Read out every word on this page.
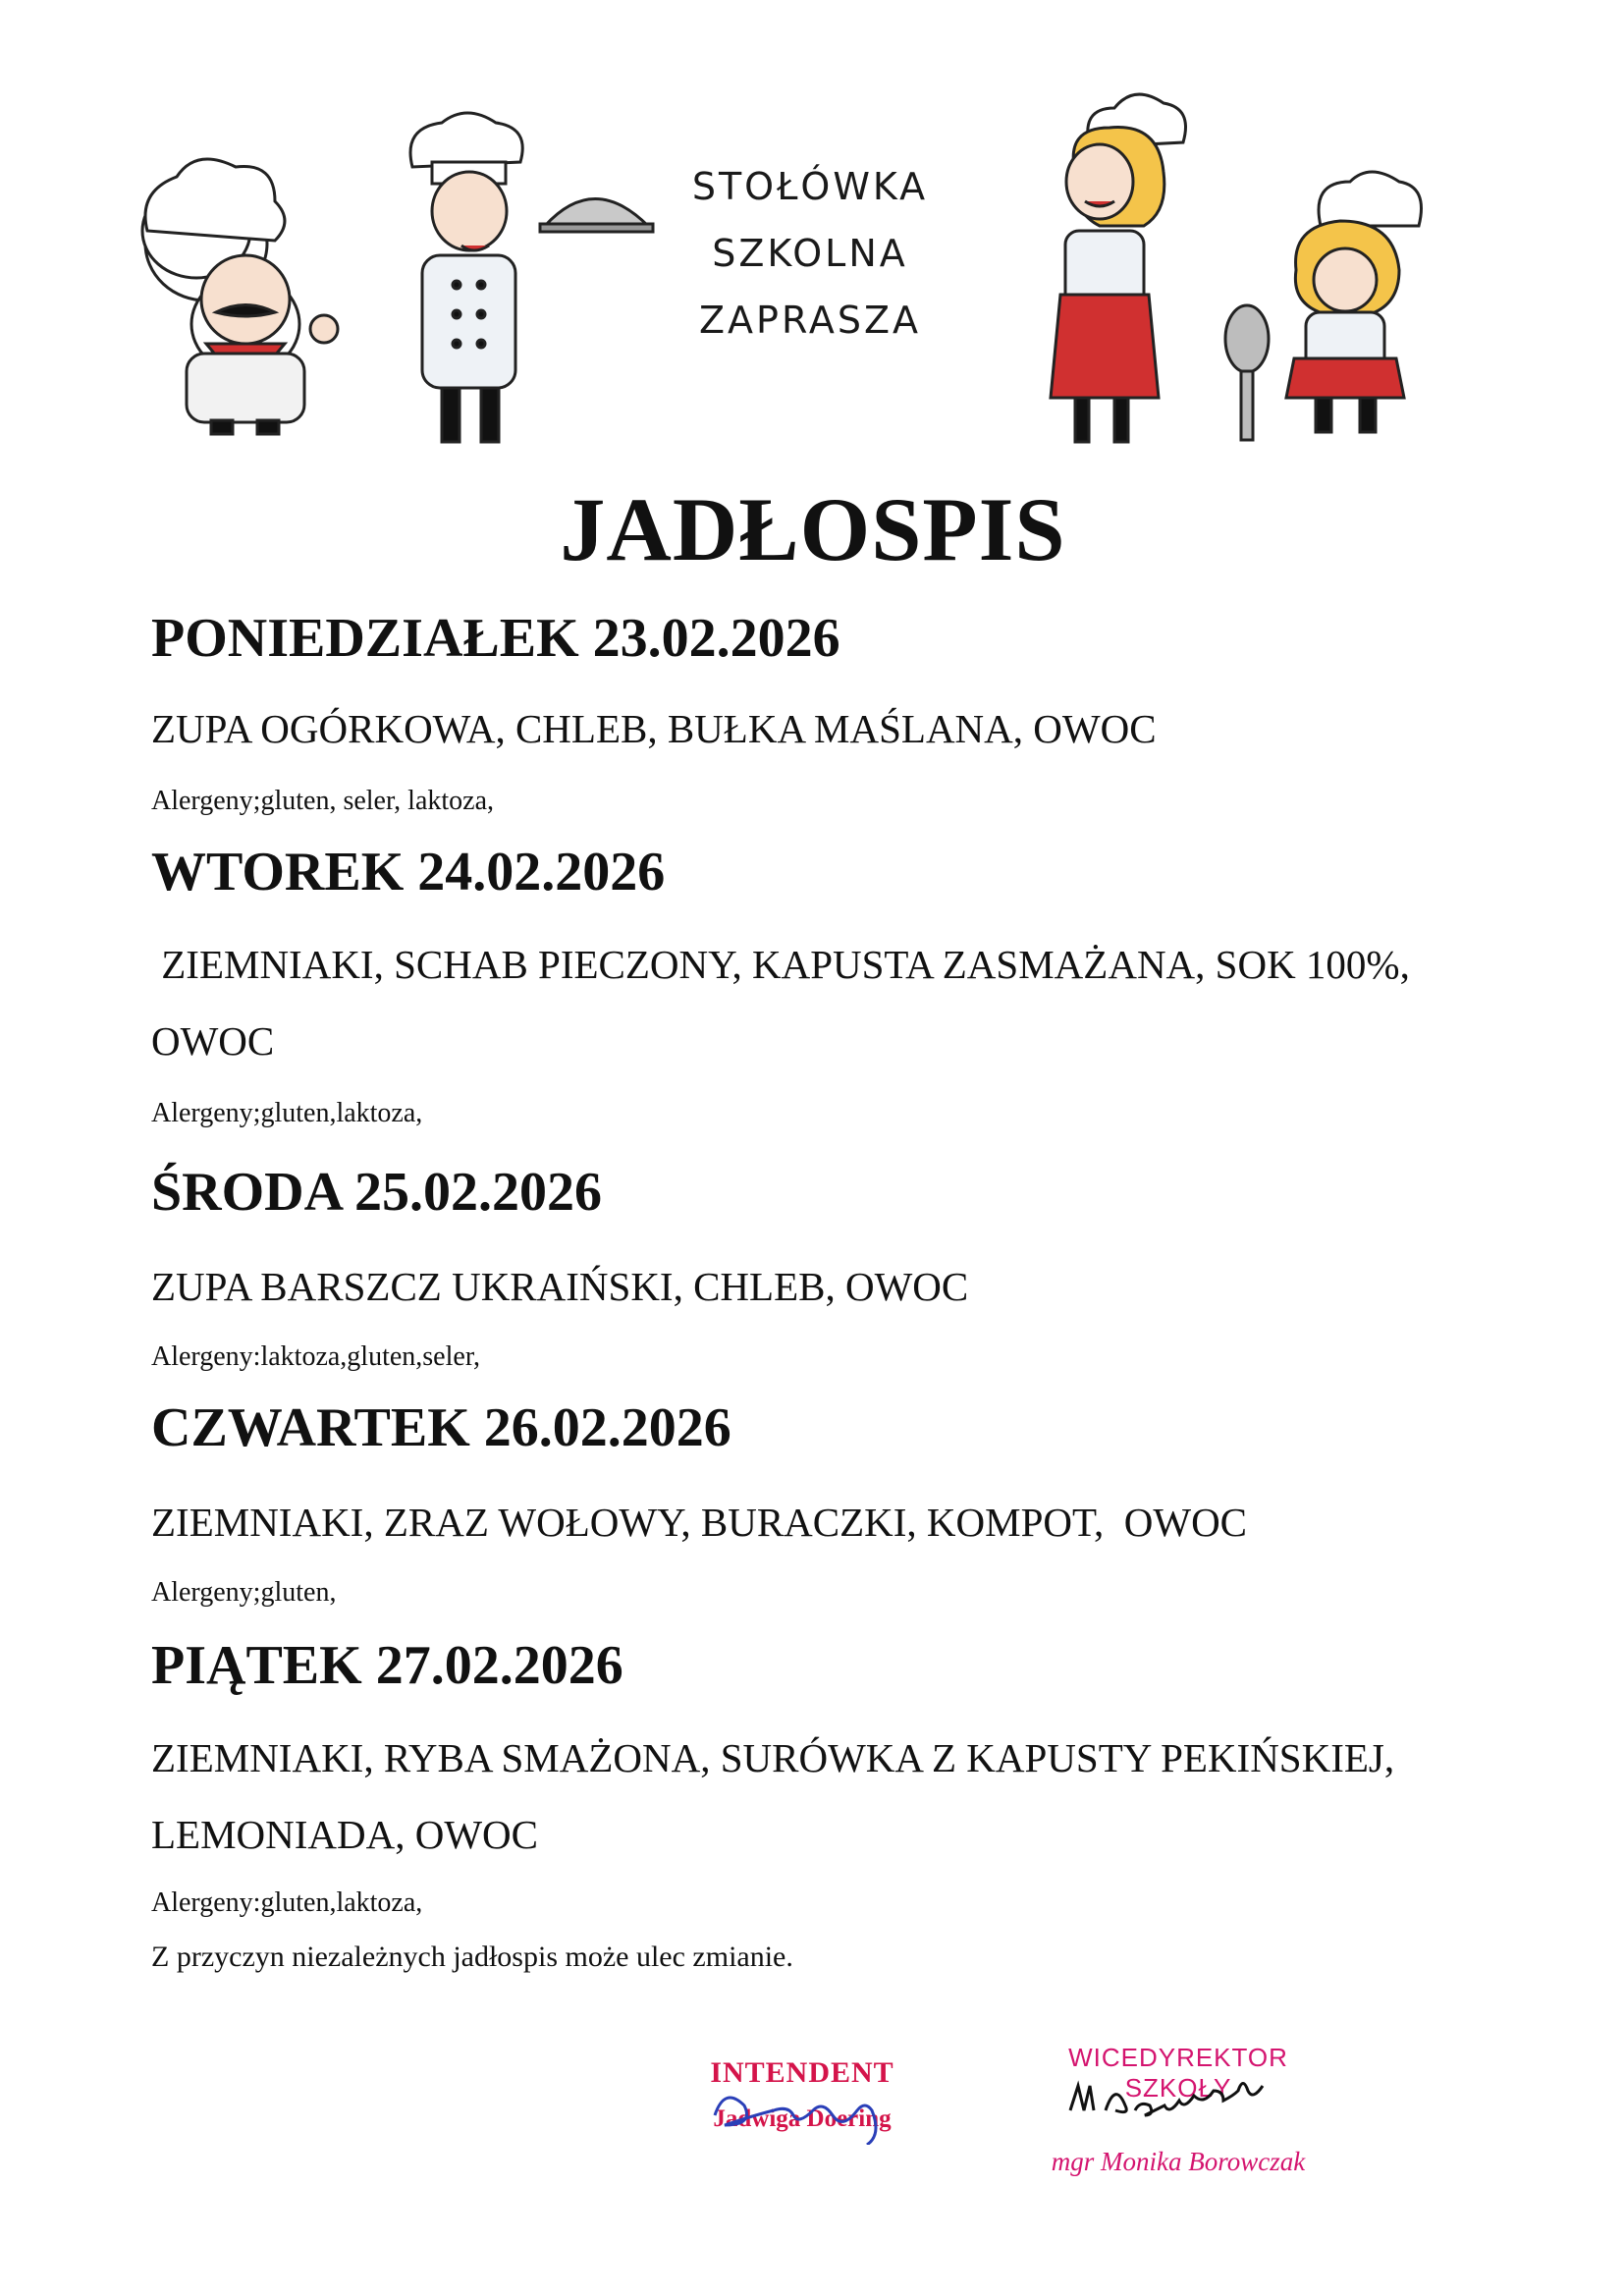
STOŁÓWKA
SZKOLNA
ZAPRASZA
JADŁOSPIS
PONIEDZIAŁEK 23.02.2026
ZUPA OGÓRKOWA, CHLEB, BUŁKA MAŚLANA, OWOC
Alergeny;gluten, seler, laktoza,
WTOREK 24.02.2026
ZIEMNIAKI, SCHAB PIECZONY, KAPUSTA ZASMAŻANA, SOK 100%,
OWOC
Alergeny;gluten,laktoza,
ŚRODA 25.02.2026
ZUPA BARSZCZ UKRAIŃSKI, CHLEB, OWOC
Alergeny:laktoza,gluten,seler,
CZWARTEK 26.02.2026
ZIEMNIAKI, ZRAZ WOŁOWY, BURACZKI, KOMPOT,  OWOC
Alergeny;gluten,
PIĄTEK 27.02.2026
ZIEMNIAKI, RYBA SMAŻONA, SURÓWKA Z KAPUSTY PEKIŃSKIEJ,
LEMONIADA, OWOC
Alergeny:gluten,laktoza,
Z przyczyn niezależnych jadłospis może ulec zmianie.
INTENDENT
Jadwiga Doering
WICEDYREKTOR SZKOŁY
mgr Monika Borowczak
